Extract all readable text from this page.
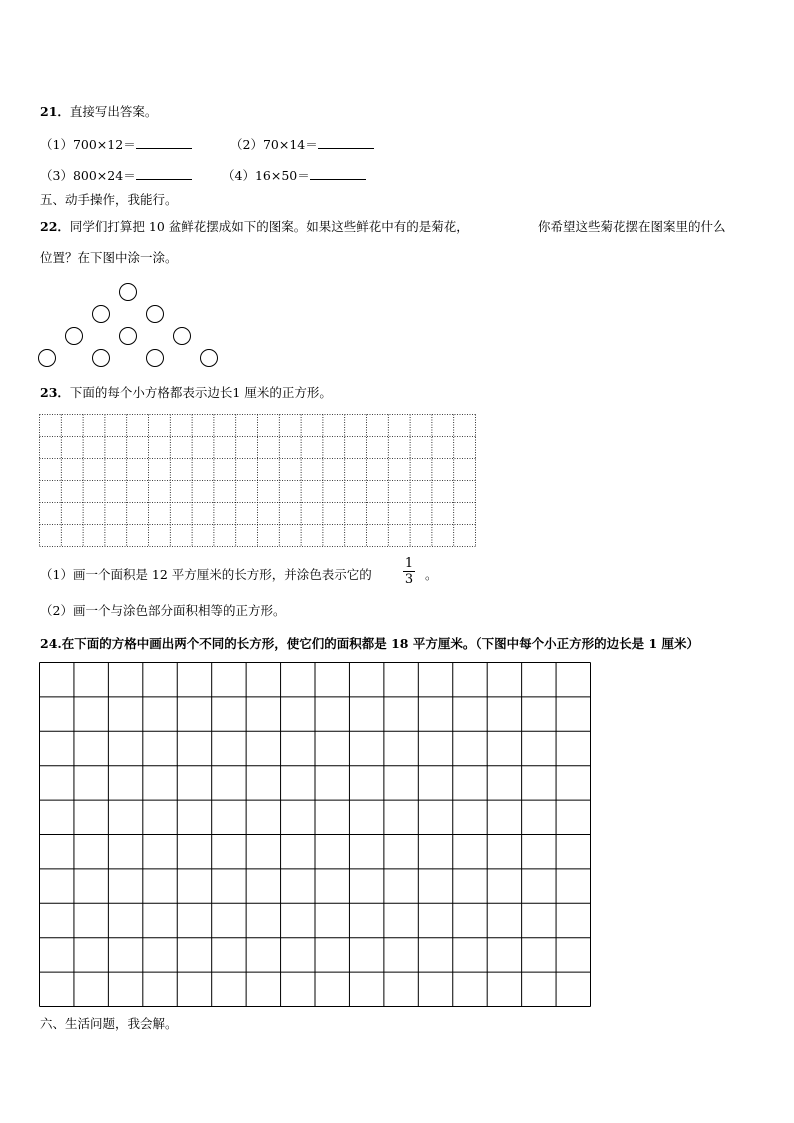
21．直接写出答案。
（1）700×12＝	（2）70×14＝
（3）800×24＝	（4）16×50＝
五、动手操作，我能行。
22．同学们打算把 10 盆鲜花摆成如下的图案。如果这些鲜花中有的是菊花，	你希望这些菊花摆在图案里的什么
位置？在下图中涂一涂。
23．下面的每个小方格都表示边长1 厘米的正方形。
（1）画一个面积是 12 平方厘米的长方形，并涂色表示它的
1
3 。
（2）画一个与涂色部分面积相等的正方形。
24.在下面的方格中画出两个不同的长方形，使它们的面积都是 18 平方厘米。（下图中每个小正方形的边长是 1 厘米）
六、生活问题，我会解。
